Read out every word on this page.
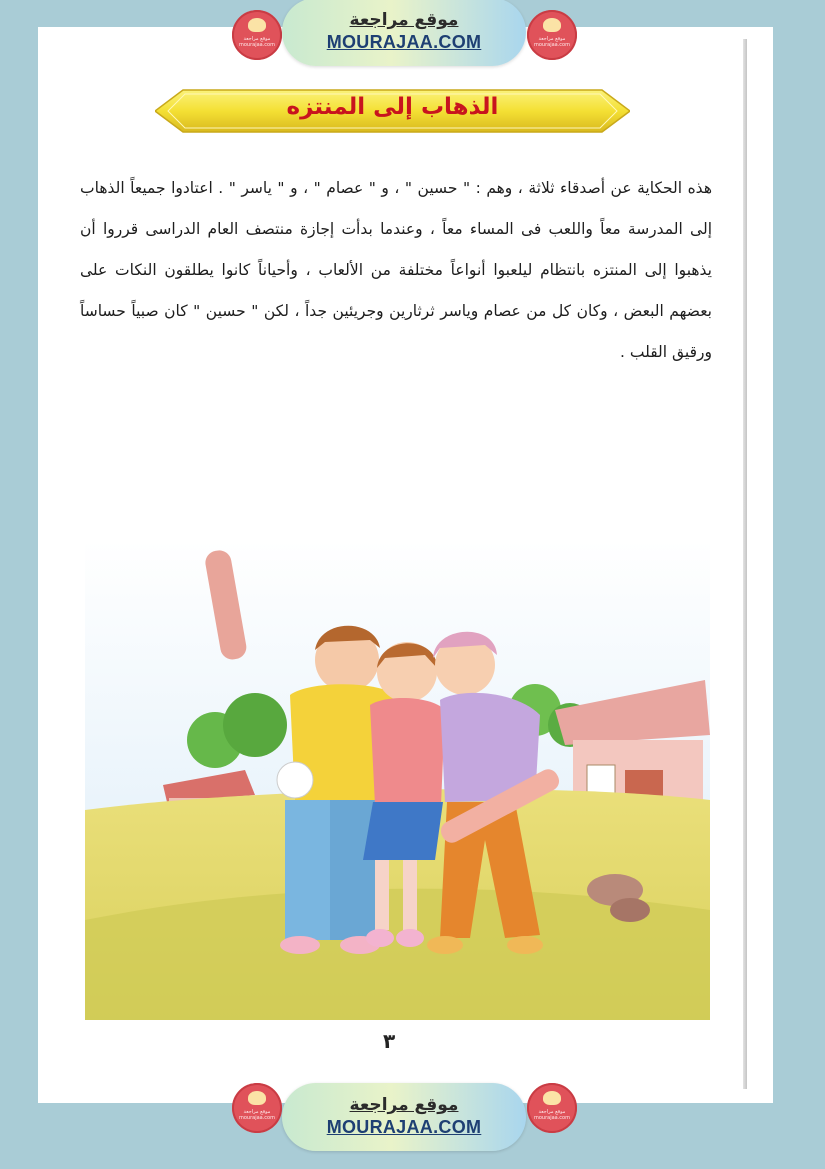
موقع مراجعة mourajaa.com
موقع مراجعة
MOURAJAA.COM	موقع مراجعة mourajaa.com
الذهاب إلى المنتزه
هذه الحكاية عن أصدقاء ثلاثة ، وهم : " حسين " ، و " عصام " ، و " ياسر " . اعتادوا جميعاً الذهاب إلى المدرسة معاً واللعب فى المساء معاً ، وعندما بدأت إجازة منتصف العام الدراسى قرروا أن يذهبوا إلى المنتزه بانتظام ليلعبوا أنواعاً مختلفة من الألعاب ، وأحياناً كانوا يطلقون النكات على بعضهم البعض ، وكان كل من عصام وياسر ثرثارين وجريئين جداً ، لكن " حسين " كان صبياً حساساً ورقيق القلب .
٣
موقع مراجعة mourajaa.com
موقع مراجعة
MOURAJAA.COM
موقع مراجعة mourajaa.com
